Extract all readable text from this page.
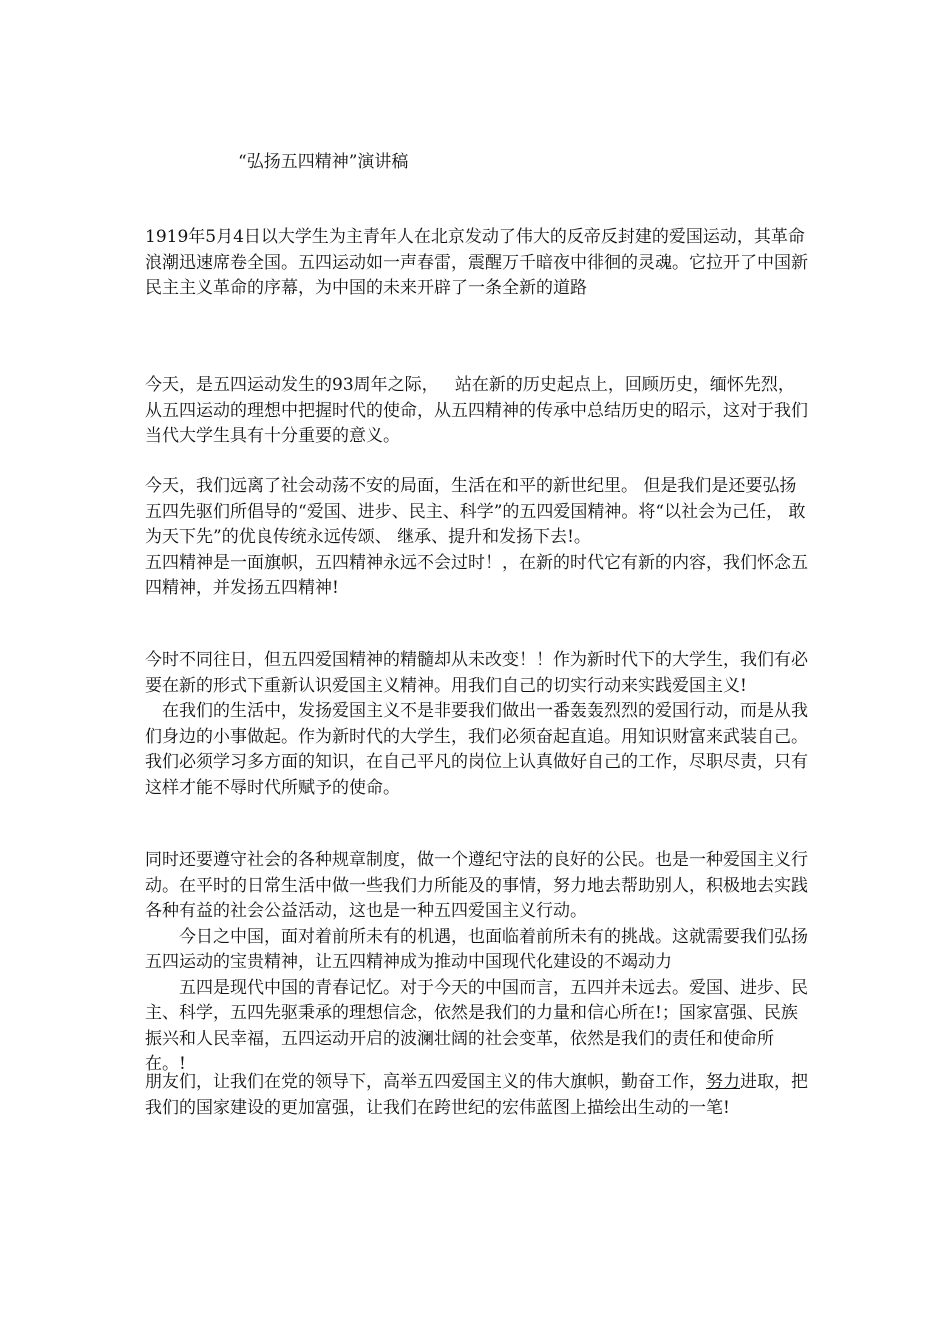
“弘扬五四精神”演讲稿

1919年5月4日以大学生为主青年人在北京发动了伟大的反帝反封建的爱国运动，其革命浪潮迅速席卷全国。五四运动如一声春雷，震醒万千暗夜中徘徊的灵魂。它拉开了中国新民主主义革命的序幕，为中国的未来开辟了一条全新的道路

今天，是五四运动发生的93周年之际，   站在新的历史起点上，回顾历史，缅怀先烈，从五四运动的理想中把握时代的使命，从五四精神的传承中总结历史的昭示，这对于我们当代大学生具有十分重要的意义。

今天，我们远离了社会动荡不安的局面，生活在和平的新世纪里。 但是我们是还要弘扬五四先驱们所倡导的“爱国、进步、民主、科学”的五四爱国精神。将“以社会为己任， 敢为天下先”的优良传统永远传颂、 继承、提升和发扬下去!。

五四精神是一面旗帜，五四精神永远不会过时！，在新的时代它有新的内容，我们怀念五四精神，并发扬五四精神!

今时不同往日，但五四爱国精神的精髓却从未改变！！作为新时代下的大学生，我们有必要在新的形式下重新认识爱国主义精神。用我们自己的切实行动来实践爱国主义!

在我们的生活中，发扬爱国主义不是非要我们做出一番轰轰烈烈的爱国行动，而是从我们身边的小事做起。作为新时代的大学生，我们必须奋起直追。用知识财富来武装自己。我们必须学习多方面的知识，在自己平凡的岗位上认真做好自己的工作，尽职尽责，只有这样才能不辱时代所赋予的使命。

同时还要遵守社会的各种规章制度，做一个遵纪守法的良好的公民。也是一种爱国主义行动。在平时的日常生活中做一些我们力所能及的事情，努力地去帮助别人，积极地去实践各种有益的社会公益活动，这也是一种五四爱国主义行动。

今日之中国，面对着前所未有的机遇，也面临着前所未有的挑战。这就需要我们弘扬五四运动的宝贵精神，让五四精神成为推动中国现代化建设的不竭动力

五四是现代中国的青春记忆。对于今天的中国而言，五四并未远去。爱国、进步、民主、科学，五四先驱秉承的理想信念，依然是我们的力量和信心所在!；国家富强、民族振兴和人民幸福，五四运动开启的波澜壮阔的社会变革，依然是我们的责任和使命所在。!

朋友们，让我们在党的领导下，高举五四爱国主义的伟大旗帜，勤奋工作，努力进取，把我们的国家建设的更加富强，让我们在跨世纪的宏伟蓝图上描绘出生动的一笔!
